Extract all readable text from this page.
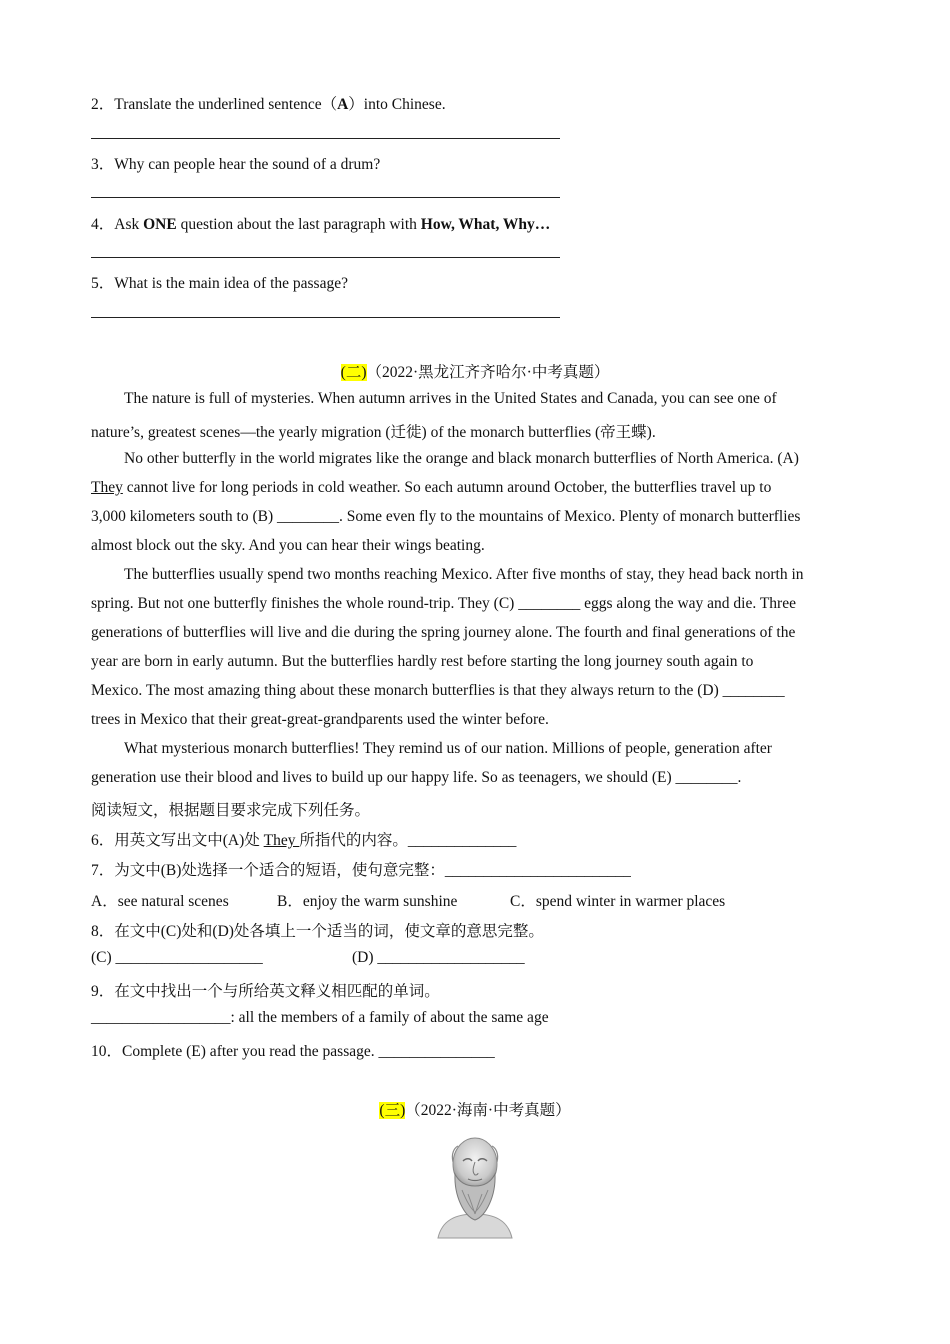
2．Translate the underlined sentence（A）into Chinese.
3．Why can people hear the sound of a drum?
4．Ask ONE question about the last paragraph with How, What, Why…
5．What is the main idea of the passage?
(二)（2022·黑龙江齐齐哈尔·中考真题）
The nature is full of mysteries. When autumn arrives in the United States and Canada, you can see one of
nature’s, greatest scenes—the yearly migration (迁徙) of the monarch butterflies (帝王蝶).
No other butterfly in the world migrates like the orange and black monarch butterflies of North America. (A)
They cannot live for long periods in cold weather. So each autumn around October, the butterflies travel up to
3,000 kilometers south to (B) ________. Some even fly to the mountains of Mexico. Plenty of monarch butterflies
almost block out the sky. And you can hear their wings beating.
The butterflies usually spend two months reaching Mexico. After five months of stay, they head back north in
spring. But not one butterfly finishes the whole round-trip. They (C) ________ eggs along the way and die. Three
generations of butterflies will live and die during the spring journey alone. The fourth and final generations of the
year are born in early autumn. But the butterflies hardly rest before starting the long journey south again to
Mexico. The most amazing thing about these monarch butterflies is that they always return to the (D) ________
trees in Mexico that their great-great-grandparents used the winter before.
What mysterious monarch butterflies! They remind us of our nation. Millions of people, generation after
generation use their blood and lives to build up our happy life. So as teenagers, we should (E) ________.
阅读短文，根据题目要求完成下列任务。
6．用英文写出文中(A)处 They 所指代的内容。______________
7．为文中(B)处选择一个适合的短语，使句意完整：________________________
A．see natural scenes	B．enjoy the warm sunshine	C．spend winter in warmer places
8．在文中(C)处和(D)处各填上一个适当的词，使文章的意思完整。
(C) ___________________	(D) ___________________
9．在文中找出一个与所给英文释义相匹配的单词。
__________________: all the members of a family of about the same age
10．Complete (E) after you read the passage. _______________
(三)（2022·海南·中考真题）
